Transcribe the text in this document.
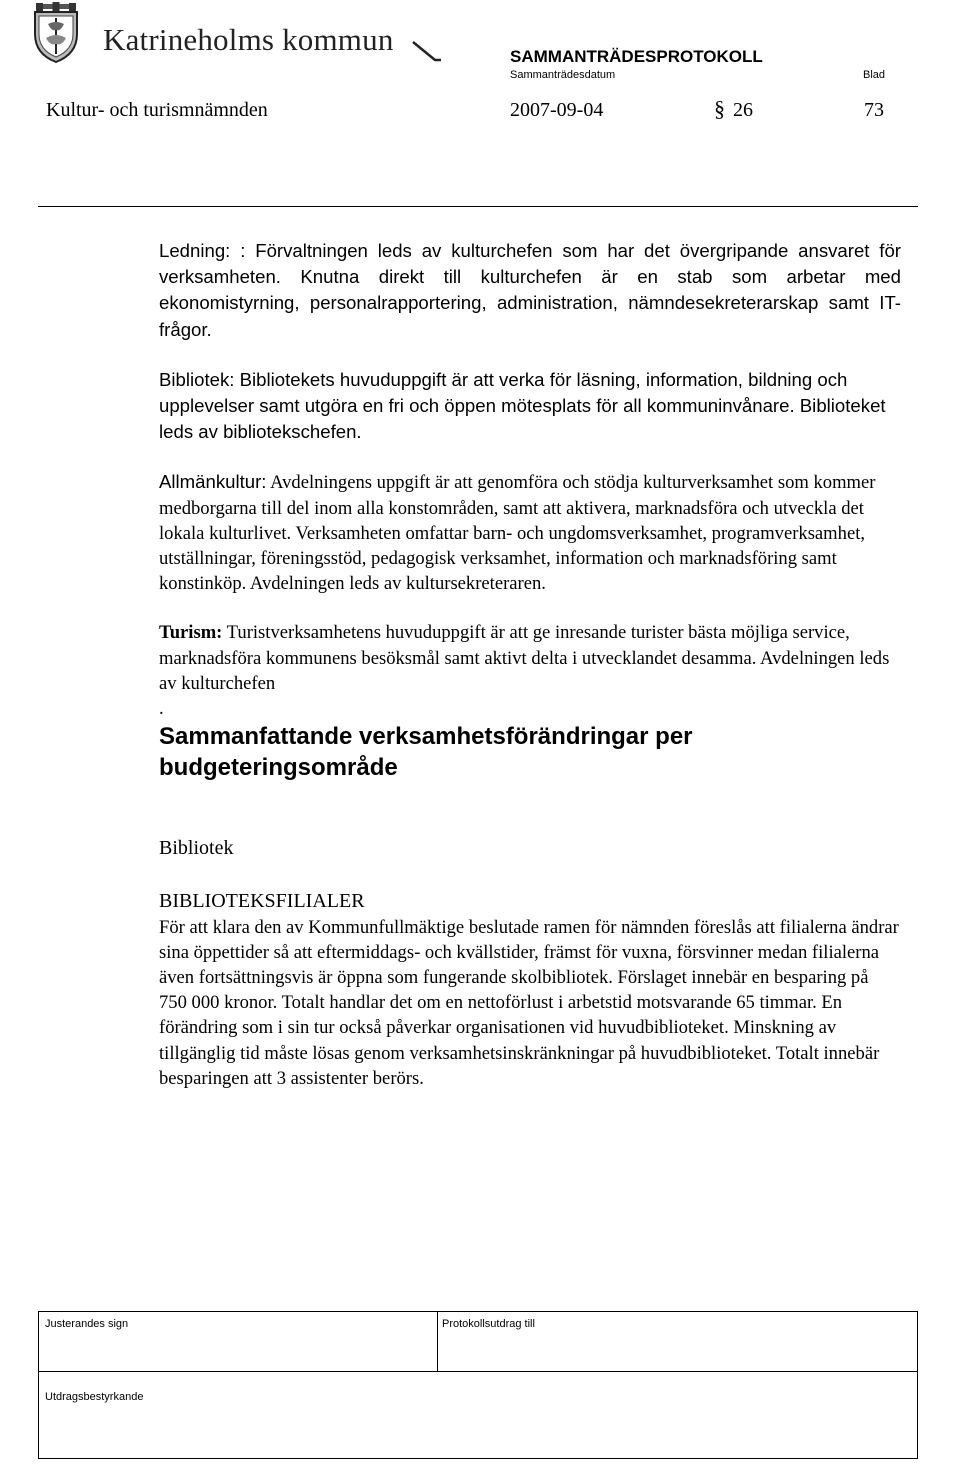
Katrineholms kommun	SAMMANTRÄDESPROTOKOLL
Sammanträdesdatum	Blad
Kultur- och turismnämnden	2007-09-04	§ 26	73

Ledning: : Förvaltningen leds av kulturchefen som har det övergripande ansvaret för verksamheten. Knutna direkt till kulturchefen är en stab som arbetar med ekonomistyrning, personalrapportering, administration, nämndesekreterarskap samt IT-frågor.

Bibliotek: Bibliotekets huvuduppgift är att verka för läsning, information, bildning och upplevelser samt utgöra en fri och öppen mötesplats för all kommuninvånare. Biblioteket leds av bibliotekschefen.

Allmänkultur: Avdelningens uppgift är att genomföra och stödja kulturverksamhet som kommer medborgarna till del inom alla konstområden, samt att aktivera, marknadsföra och utveckla det lokala kulturlivet. Verksamheten omfattar barn- och ungdomsverksamhet, programverksamhet, utställningar, föreningsstöd, pedagogisk verksamhet, information och marknadsföring samt konstinköp. Avdelningen leds av kultursekreteraren.

Turism: Turistverksamhetens huvuduppgift är att ge inresande turister bästa möjliga service, marknadsföra kommunens besöksmål samt aktivt delta i utvecklandet desamma. Avdelningen leds av kulturchefen

.

Sammanfattande verksamhetsförändringar per budgeteringsområde

Bibliotek

BIBLIOTEKSFILIALER

För att klara den av Kommunfullmäktige beslutade ramen för nämnden föreslås att filialerna ändrar sina öppettider så att eftermiddags- och kvällstider, främst för vuxna, försvinner medan filialerna även fortsättningsvis är öppna som fungerande skolbibliotek. Förslaget innebär en besparing på 750 000 kronor. Totalt handlar det om en nettoförlust i arbetstid motsvarande 65 timmar. En förändring som i sin tur också påverkar organisationen vid huvudbiblioteket. Minskning av tillgänglig tid måste lösas genom verksamhetsinskränkningar på huvudbiblioteket. Totalt innebär besparingen att 3 assistenter berörs.

Justerandes sign	Protokollsutdrag till
Utdragsbestyrkande
